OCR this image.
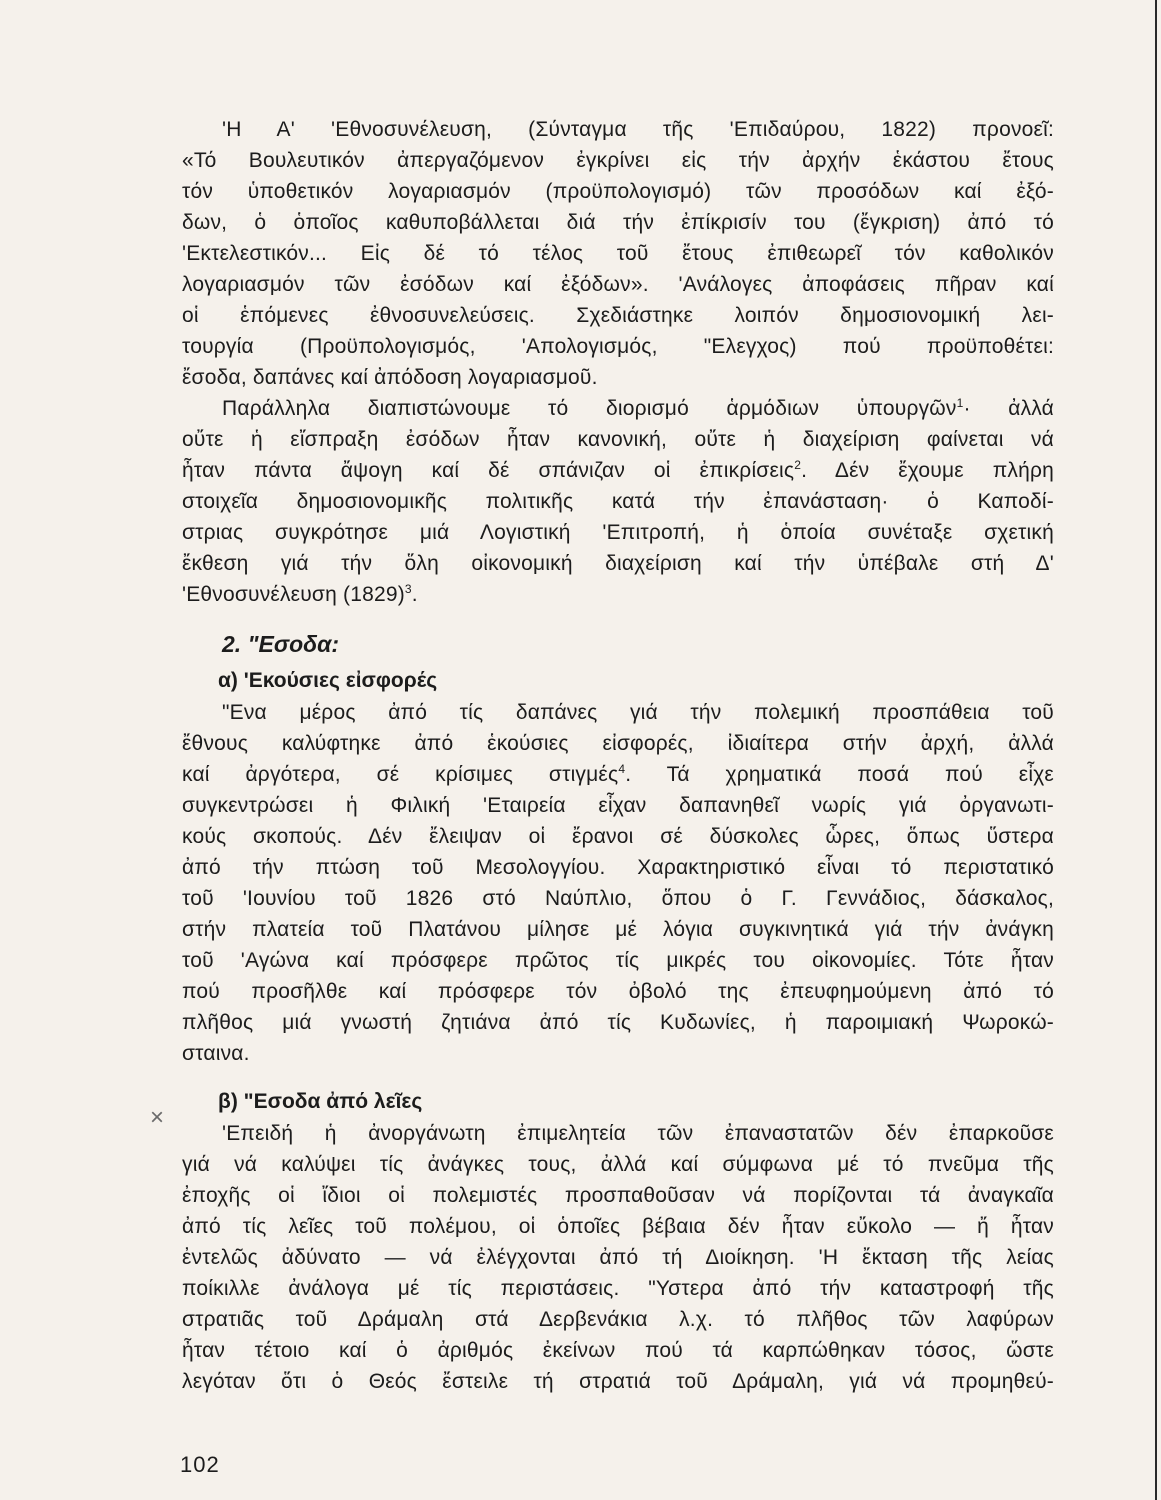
×
'Η Α' 'Εθνοσυνέλευση, (Σύνταγμα τῆς 'Επιδαύρου, 1822) προνοεῖ:
«Τό Βουλευτικόν ἀπεργαζόμενον ἐγκρίνει εἰς τήν ἀρχήν ἑκάστου ἔτους
τόν ὑποθετικόν λογαριασμόν (προϋπολογισμό) τῶν προσόδων καί ἐξό-
δων, ὁ ὁποῖος καθυποβάλλεται διά τήν ἐπίκρισίν του (ἔγκριση) ἀπό τό
'Εκτελεστικόν... Εἰς δέ τό τέλος τοῦ ἔτους ἐπιθεωρεῖ τόν καθολικόν
λογαριασμόν τῶν ἐσόδων καί ἐξόδων». 'Ανάλογες ἀποφάσεις πῆραν καί
οἱ ἑπόμενες ἐθνοσυνελεύσεις. Σχεδιάστηκε λοιπόν δημοσιονομική λει-
τουργία (Προϋπολογισμός, 'Απολογισμός, "Ελεγχος) πού προϋποθέτει:
ἔσοδα, δαπάνες καί ἀπόδοση λογαριασμοῦ.
Παράλληλα διαπιστώνουμε τό διορισμό ἁρμόδιων ὑπουργῶν$^1$· ἀλλά
οὔτε ἡ εἴσπραξη ἐσόδων ἦταν κανονική, οὔτε ἡ διαχείριση φαίνεται νά
ἦταν πάντα ἄψογη καί δέ σπάνιζαν οἱ ἐπικρίσεις$^2$. Δέν ἔχουμε πλήρη
στοιχεῖα δημοσιονομικῆς πολιτικῆς κατά τήν ἐπανάσταση· ὁ Καποδί-
στριας συγκρότησε μιά Λογιστική 'Επιτροπή, ἡ ὁποία συνέταξε σχετική
ἔκθεση γιά τήν ὅλη οἰκονομική διαχείριση καί τήν ὑπέβαλε στή Δ'
'Εθνοσυνέλευση $(1829)^3$.
2. "Εσοδα:
α) 'Εκούσιες εἰσφορές
"Ενα μέρος ἀπό τίς δαπάνες γιά τήν πολεμική προσπάθεια τοῦ
ἔθνους καλύφτηκε ἀπό ἑκούσιες εἰσφορές, ἰδιαίτερα στήν ἀρχή, ἀλλά
καί ἀργότερα, σέ κρίσιμες στιγμές$^4$. Τά χρηματικά ποσά πού εἶχε
συγκεντρώσει ἡ Φιλική 'Εταιρεία εἶχαν δαπανηθεῖ νωρίς γιά ὀργανωτι-
κούς σκοπούς. Δέν ἔλειψαν οἱ ἔρανοι σέ δύσκολες ὧρες, ὅπως ὕστερα
ἀπό τήν πτώση τοῦ Μεσολογγίου. Χαρακτηριστικό εἶναι τό περιστατικό
τοῦ 'Ιουνίου τοῦ 1826 στό Ναύπλιο, ὅπου ὁ Γ. Γεννάδιος, δάσκαλος,
στήν πλατεία τοῦ Πλατάνου μίλησε μέ λόγια συγκινητικά γιά τήν ἀνάγκη
τοῦ 'Αγώνα καί πρόσφερε πρῶτος τίς μικρές του οἰκονομίες. Τότε ἦταν
πού προσῆλθε καί πρόσφερε τόν ὀβολό της ἐπευφημούμενη ἀπό τό
πλῆθος μιά γνωστή ζητιάνα ἀπό τίς Κυδωνίες, ἡ παροιμιακή Ψωροκώ-
σταινα.
β) "Εσοδα ἀπό λεῖες
'Επειδή ἡ ἀνοργάνωτη ἐπιμελητεία τῶν ἐπαναστατῶν δέν ἐπαρκοῦσε
γιά νά καλύψει τίς ἀνάγκες τους, ἀλλά καί σύμφωνα μέ τό πνεῦμα τῆς
ἐποχῆς οἱ ἴδιοι οἱ πολεμιστές προσπαθοῦσαν νά πορίζονται τά ἀναγκαῖα
ἀπό τίς λεῖες τοῦ πολέμου, οἱ ὁποῖες βέβαια δέν ἦταν εὔκολο — ἤ ἦταν
ἐντελῶς ἀδύνατο — νά ἐλέγχονται ἀπό τή Διοίκηση. 'Η ἔκταση τῆς λείας
ποίκιλλε ἀνάλογα μέ τίς περιστάσεις. "Υστερα ἀπό τήν καταστροφή τῆς
στρατιᾶς τοῦ Δράμαλη στά Δερβενάκια λ.χ. τό πλῆθος τῶν λαφύρων
ἦταν τέτοιο καί ὁ ἀριθμός ἐκείνων πού τά καρπώθηκαν τόσος, ὥστε
λεγόταν ὅτι ὁ Θεός ἔστειλε τή στρατιά τοῦ Δράμαλη, γιά νά προμηθεύ-
102
